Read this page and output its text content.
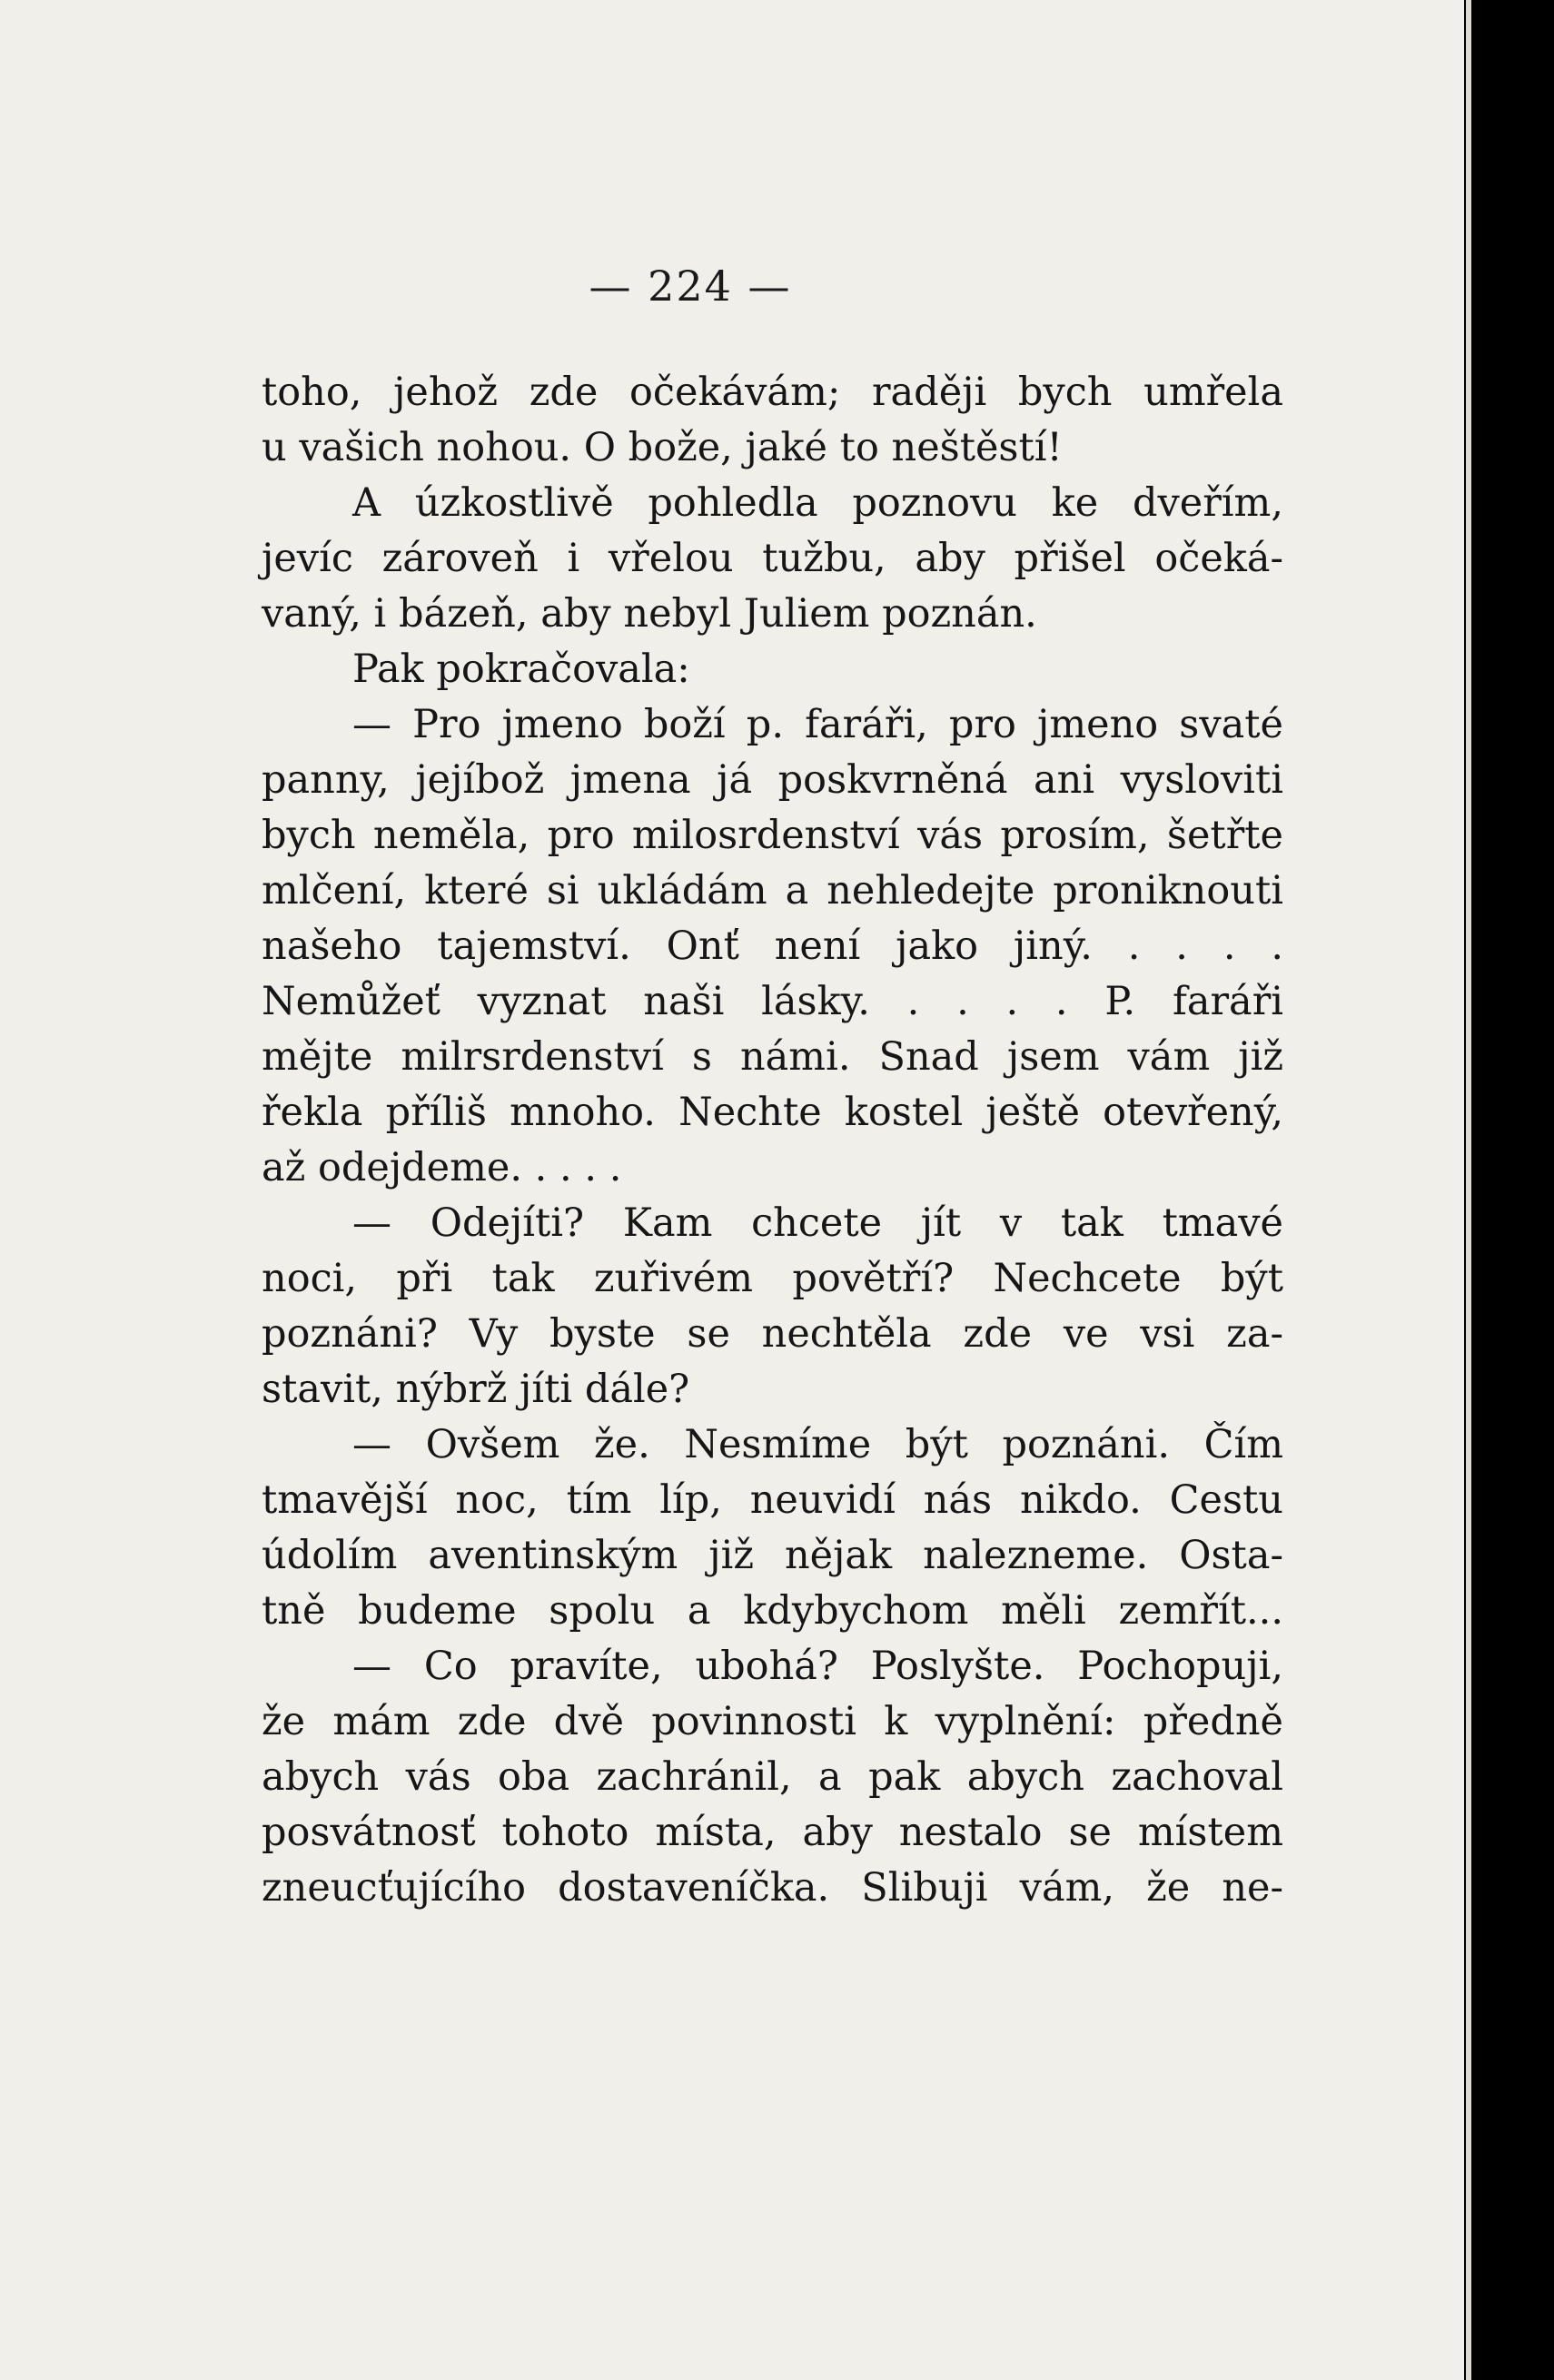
— 224 —
toho, jehož zde očekávám; raději bych umřela
u vašich nohou. O bože, jaké to neštěstí!
A úzkostlivě pohledla poznovu ke dveřím,
jevíc zároveň i vřelou tužbu, aby přišel očeká-
vaný, i bázeň, aby nebyl Juliem poznán.
Pak pokračovala:
— Pro jmeno boží p. faráři, pro jmeno svaté
panny, jejíbož jmena já poskvrněná ani vysloviti
bych neměla, pro milosrdenství vás prosím, šetřte
mlčení, které si ukládám a nehledejte proniknouti
našeho tajemství. Onť není jako jiný. . . . .
Nemůžeť vyznat naši lásky. . . . . P. faráři
mějte milrsrdenství s námi. Snad jsem vám již
řekla příliš mnoho. Nechte kostel ještě otevřený,
až odejdeme. . . . .
— Odejíti? Kam chcete jít v tak tmavé
noci, při tak zuřivém povětří? Nechcete být
poznáni? Vy byste se nechtěla zde ve vsi za-
stavit, nýbrž jíti dále?
— Ovšem že. Nesmíme být poznáni. Čím
tmavější noc, tím líp, neuvidí nás nikdo. Cestu
údolím aventinským již nějak nalezneme. Osta-
tně budeme spolu a kdybychom měli zemřít...
— Co pravíte, ubohá? Poslyšte. Pochopuji,
že mám zde dvě povinnosti k vyplnění: předně
abych vás oba zachránil, a pak abych zachoval
posvátnosť tohoto místa, aby nestalo se místem
zneucťujícího dostaveníčka. Slibuji vám, že ne-
